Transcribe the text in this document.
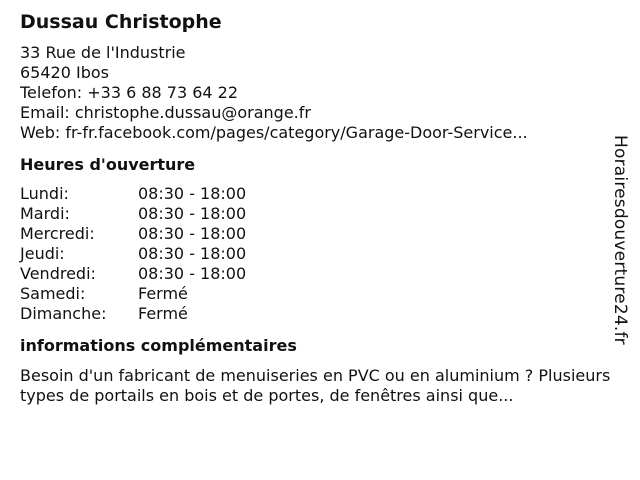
Dussau Christophe
33 Rue de l'Industrie
65420 Ibos
Telefon: +33 6 88 73 64 22
Email: christophe.dussau@orange.fr
Web: fr-fr.facebook.com/pages/category/Garage-Door-Service...
Heures d'ouverture
Lundi:	08:30 - 18:00
Mardi:	08:30 - 18:00
Mercredi:	08:30 - 18:00
Jeudi:	08:30 - 18:00
Vendredi:	08:30 - 18:00
Samedi:	Fermé
Dimanche:	Fermé
informations complémentaires
Besoin d'un fabricant de menuiseries en PVC ou en aluminium ? Plusieurs types de portails en bois et de portes, de fenêtres ainsi que...
Horairesdouverture24.fr
